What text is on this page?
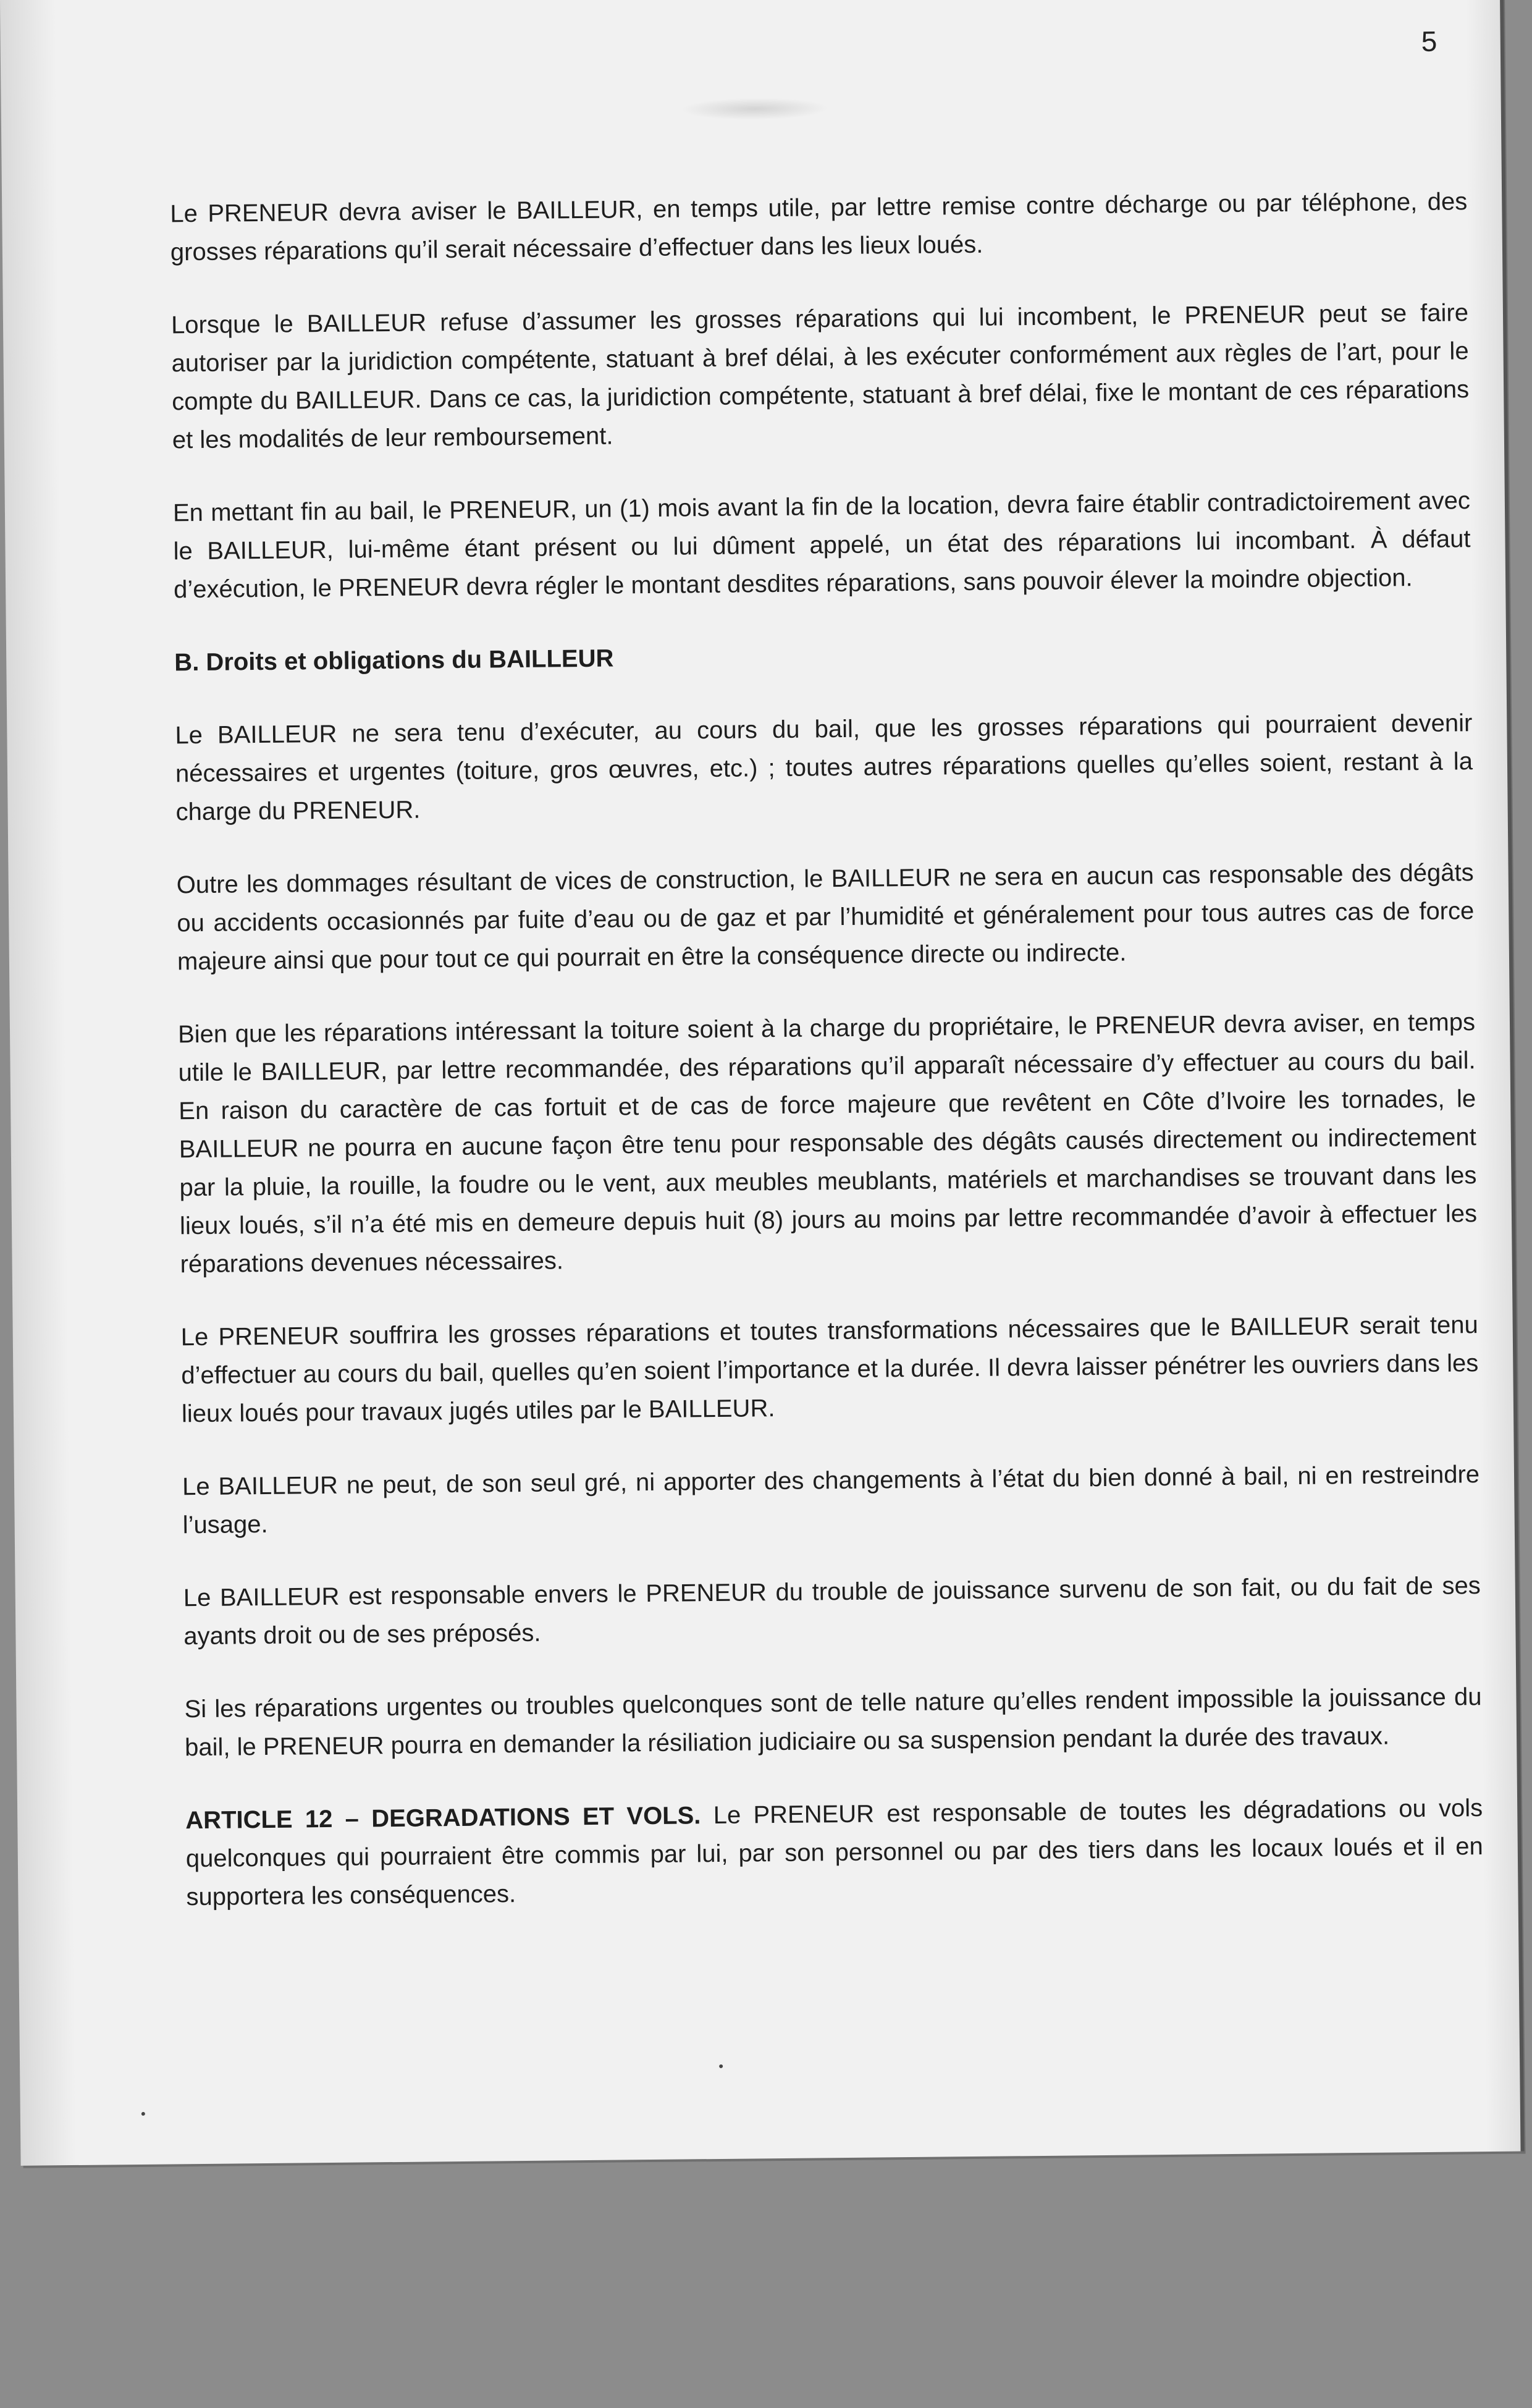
5

Le PRENEUR devra aviser le BAILLEUR, en temps utile, par lettre remise contre décharge ou par téléphone, des grosses réparations qu’il serait nécessaire d’effectuer dans les lieux loués.

Lorsque le BAILLEUR refuse d’assumer les grosses réparations qui lui incombent, le PRENEUR peut se faire autoriser par la juridiction compétente, statuant à bref délai, à les exécuter conformément aux règles de l’art, pour le compte du BAILLEUR. Dans ce cas, la juridiction compétente, statuant à bref délai, fixe le montant de ces réparations et les modalités de leur remboursement.

En mettant fin au bail, le PRENEUR, un (1) mois avant la fin de la location, devra faire établir contradictoirement avec le BAILLEUR, lui-même étant présent ou lui dûment appelé, un état des réparations lui incombant. À défaut d’exécution, le PRENEUR devra régler le montant desdites réparations, sans pouvoir élever la moindre objection.

B. Droits et obligations du BAILLEUR

Le BAILLEUR ne sera tenu d’exécuter, au cours du bail, que les grosses réparations qui pourraient devenir nécessaires et urgentes (toiture, gros œuvres, etc.) ; toutes autres réparations quelles qu’elles soient, restant à la charge du PRENEUR.

Outre les dommages résultant de vices de construction, le BAILLEUR ne sera en aucun cas responsable des dégâts ou accidents occasionnés par fuite d’eau ou de gaz et par l’humidité et généralement pour tous autres cas de force majeure ainsi que pour tout ce qui pourrait en être la conséquence directe ou indirecte.

Bien que les réparations intéressant la toiture soient à la charge du propriétaire, le PRENEUR devra aviser, en temps utile le BAILLEUR, par lettre recommandée, des réparations qu’il apparaît nécessaire d’y effectuer au cours du bail. En raison du caractère de cas fortuit et de cas de force majeure que revêtent en Côte d’Ivoire les tornades, le BAILLEUR ne pourra en aucune façon être tenu pour responsable des dégâts causés directement ou indirectement par la pluie, la rouille, la foudre ou le vent, aux meubles meublants, matériels et marchandises se trouvant dans les lieux loués, s’il n’a été mis en demeure depuis huit (8) jours au moins par lettre recommandée d’avoir à effectuer les réparations devenues nécessaires.

Le PRENEUR souffrira les grosses réparations et toutes transformations nécessaires que le BAILLEUR serait tenu d’effectuer au cours du bail, quelles qu’en soient l’importance et la durée. Il devra laisser pénétrer les ouvriers dans les lieux loués pour travaux jugés utiles par le BAILLEUR.

Le BAILLEUR ne peut, de son seul gré, ni apporter des changements à l’état du bien donné à bail, ni en restreindre l’usage.

Le BAILLEUR est responsable envers le PRENEUR du trouble de jouissance survenu de son fait, ou du fait de ses ayants droit ou de ses préposés.

Si les réparations urgentes ou troubles quelconques sont de telle nature qu’elles rendent impossible la jouissance du bail, le PRENEUR pourra en demander la résiliation judiciaire ou sa suspension pendant la durée des travaux.

ARTICLE 12 – DEGRADATIONS ET VOLS. Le PRENEUR est responsable de toutes les dégradations ou vols quelconques qui pourraient être commis par lui, par son personnel ou par des tiers dans les locaux loués et il en supportera les conséquences.
